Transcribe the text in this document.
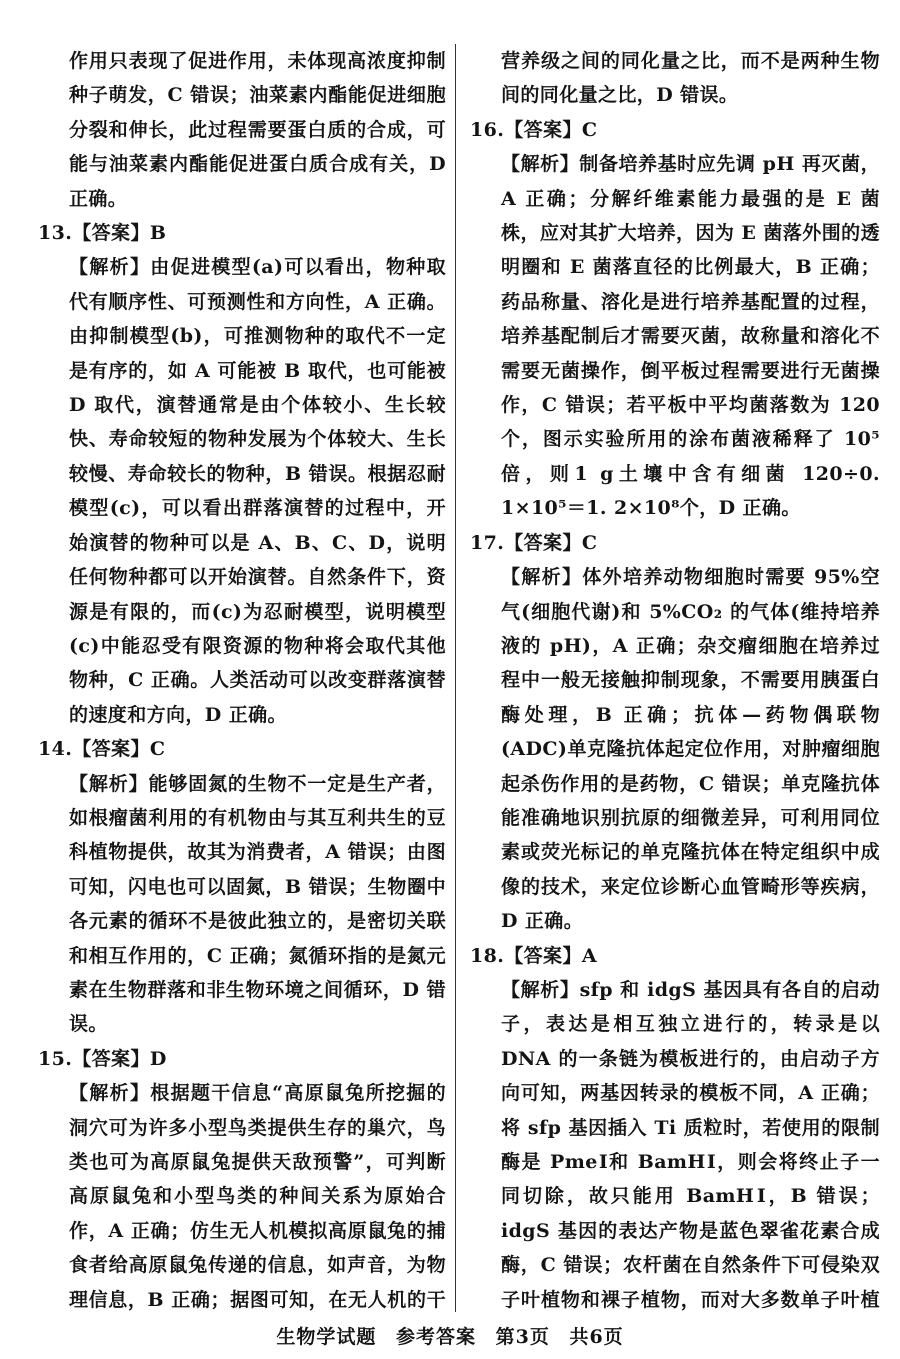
作用只表现了促进作用，未体现高浓度抑制种子萌发，C 错误；油菜素内酯能促进细胞分裂和伸长，此过程需要蛋白质的合成，可能与油菜素内酯能促进蛋白质合成有关，D 正确。

13.【答案】B

【解析】由促进模型(a)可以看出，物种取代有顺序性、可预测性和方向性，A 正确。由抑制模型(b)，可推测物种的取代不一定是有序的，如 A 可能被 B 取代，也可能被 D 取代，演替通常是由个体较小、生长较快、寿命较短的物种发展为个体较大、生长较慢、寿命较长的物种，B 错误。根据忍耐模型(c)，可以看出群落演替的过程中，开始演替的物种可以是 A、B、C、D，说明任何物种都可以开始演替。自然条件下，资源是有限的，而(c)为忍耐模型，说明模型(c)中能忍受有限资源的物种将会取代其他物种，C 正确。人类活动可以改变群落演替的速度和方向，D 正确。

14.【答案】C

【解析】能够固氮的生物不一定是生产者，如根瘤菌利用的有机物由与其互利共生的豆科植物提供，故其为消费者，A 错误；由图可知，闪电也可以固氮，B 错误；生物圈中各元素的循环不是彼此独立的，是密切关联和相互作用的，C 正确；氮循环指的是氮元素在生物群落和非生物环境之间循环，D 错误。

15.【答案】D

【解析】根据题干信息“高原鼠兔所挖掘的洞穴可为许多小型鸟类提供生存的巢穴，鸟类也可为高原鼠兔提供天敌预警”，可判断高原鼠兔和小型鸟类的种间关系为原始合作，A 正确；仿生无人机模拟高原鼠兔的捕食者给高原鼠兔传递的信息，如声音，为物理信息，B 正确；据图可知，在无人机的干

营养级之间的同化量之比，而不是两种生物间的同化量之比，D 错误。

16.【答案】C

【解析】制备培养基时应先调 pH 再灭菌，A 正确；分解纤维素能力最强的是 E 菌株，应对其扩大培养，因为 E 菌落外围的透明圈和 E 菌落直径的比例最大，B 正确；药品称量、溶化是进行培养基配置的过程，培养基配制后才需要灭菌，故称量和溶化不需要无菌操作，倒平板过程需要进行无菌操作，C 错误；若平板中平均菌落数为 120 个，图示实验所用的涂布菌液稀释了 10⁵倍，则1 g土壤中含有细菌 120÷0. 1×10⁵＝1. 2×10⁸个，D 正确。

17.【答案】C

【解析】体外培养动物细胞时需要 95%空气(细胞代谢)和 5%CO₂ 的气体(维持培养液的 pH)，A 正确；杂交瘤细胞在培养过程中一般无接触抑制现象，不需要用胰蛋白酶处理，B 正确；抗体—药物偶联物(ADC)单克隆抗体起定位作用，对肿瘤细胞起杀伤作用的是药物，C 错误；单克隆抗体能准确地识别抗原的细微差异，可利用同位素或荧光标记的单克隆抗体在特定组织中成像的技术，来定位诊断心血管畸形等疾病，D 正确。

18.【答案】A

【解析】sfp 和 idgS 基因具有各自的启动子，表达是相互独立进行的，转录是以 DNA 的一条链为模板进行的，由启动子方向可知，两基因转录的模板不同，A 正确；将 sfp 基因插入 Ti 质粒时，若使用的限制酶是 PmeⅠ和 BamHⅠ，则会将终止子一同切除，故只能用 BamHⅠ，B 错误；idgS 基因的表达产物是蓝色翠雀花素合成酶，C 错误；农杆菌在自然条件下可侵染双子叶植物和裸子植物，而对大多数单子叶植

生物学试题 参考答案 第3页 共6页
